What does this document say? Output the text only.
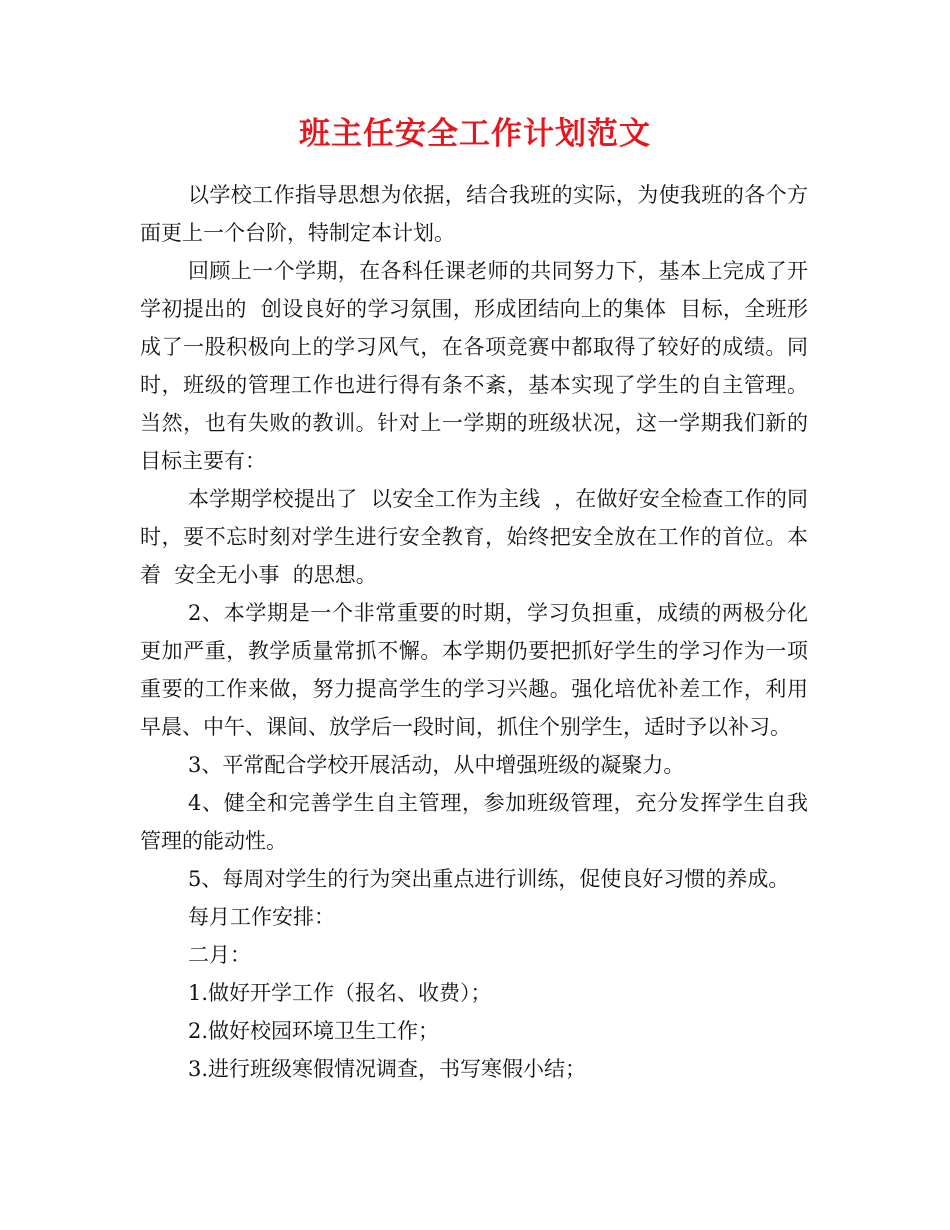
班主任安全工作计划范文

以学校工作指导思想为依据，结合我班的实际，为使我班的各个方面更上一个台阶，特制定本计划。

回顾上一个学期，在各科任课老师的共同努力下，基本上完成了开学初提出的  创设良好的学习氛围，形成团结向上的集体  目标，全班形成了一股积极向上的学习风气，在各项竞赛中都取得了较好的成绩。同时，班级的管理工作也进行得有条不紊，基本实现了学生的自主管理。当然，也有失败的教训。针对上一学期的班级状况，这一学期我们新的目标主要有：

本学期学校提出了  以安全工作为主线  ，在做好安全检查工作的同时，要不忘时刻对学生进行安全教育，始终把安全放在工作的首位。本着  安全无小事  的思想。

2、本学期是一个非常重要的时期，学习负担重，成绩的两极分化更加严重，教学质量常抓不懈。本学期仍要把抓好学生的学习作为一项重要的工作来做，努力提高学生的学习兴趣。强化培优补差工作，利用早晨、中午、课间、放学后一段时间，抓住个别学生，适时予以补习。

3、平常配合学校开展活动，从中增强班级的凝聚力。

4、健全和完善学生自主管理，参加班级管理，充分发挥学生自我管理的能动性。

5、每周对学生的行为突出重点进行训练，促使良好习惯的养成。

每月工作安排：

二月：

1.做好开学工作（报名、收费）；

2.做好校园环境卫生工作；

3.进行班级寒假情况调查，书写寒假小结；
